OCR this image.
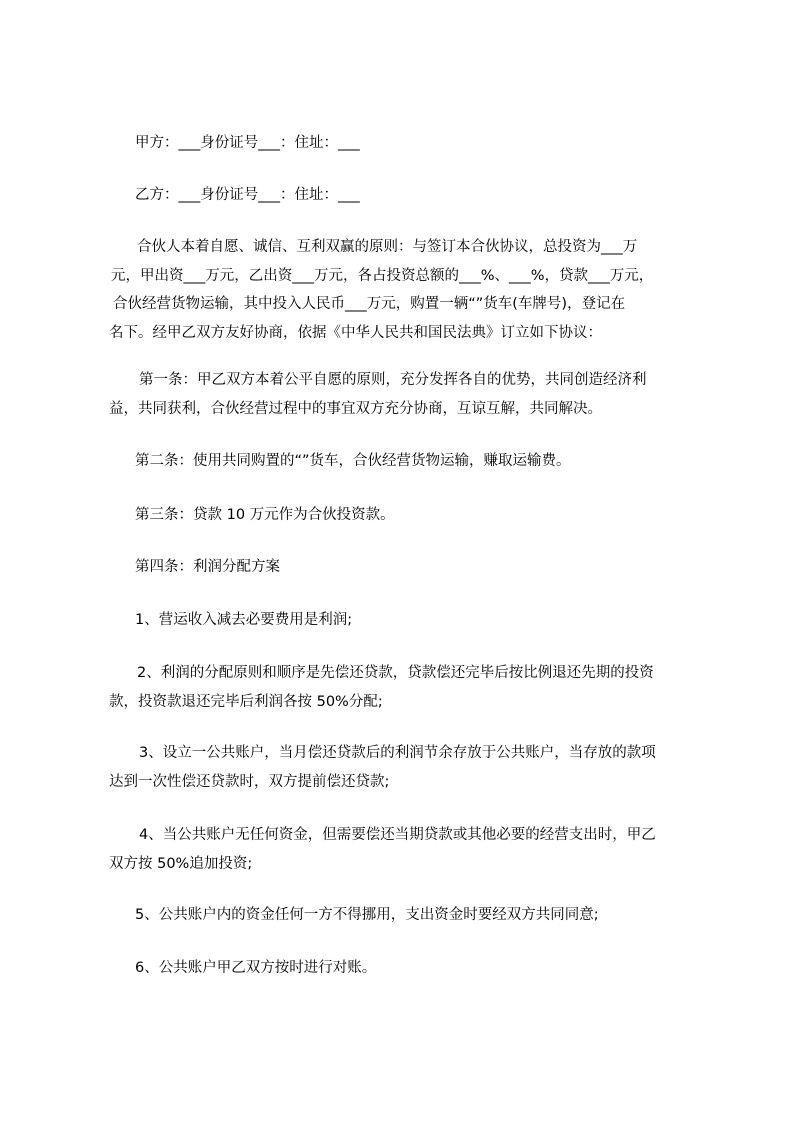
甲方：___身份证号___：住址：___
乙方：___身份证号___：住址：___
合伙人本着自愿、诚信、互利双赢的原则：与签订本合伙协议，总投资为___万
元，甲出资___万元，乙出资___万元，各占投资总额的___%、___%，贷款___万元，
合伙经营货物运输，其中投入人民币___万元，购置一辆“”货车(车牌号)，登记在
名下。经甲乙双方友好协商，依据《中华人民共和国民法典》订立如下协议：
第一条：甲乙双方本着公平自愿的原则，充分发挥各自的优势，共同创造经济利
益，共同获利，合伙经营过程中的事宜双方充分协商，互谅互解，共同解决。
第二条：使用共同购置的“”货车，合伙经营货物运输，赚取运输费。
第三条：贷款 10 万元作为合伙投资款。
第四条：利润分配方案
1、营运收入减去必要费用是利润;
2、利润的分配原则和顺序是先偿还贷款，贷款偿还完毕后按比例退还先期的投资
款，投资款退还完毕后利润各按 50%分配;
3、设立一公共账户，当月偿还贷款后的利润节余存放于公共账户，当存放的款项
达到一次性偿还贷款时，双方提前偿还贷款;
4、当公共账户无任何资金，但需要偿还当期贷款或其他必要的经营支出时，甲乙
双方按 50%追加投资;
5、公共账户内的资金任何一方不得挪用，支出资金时要经双方共同同意;
6、公共账户甲乙双方按时进行对账。
